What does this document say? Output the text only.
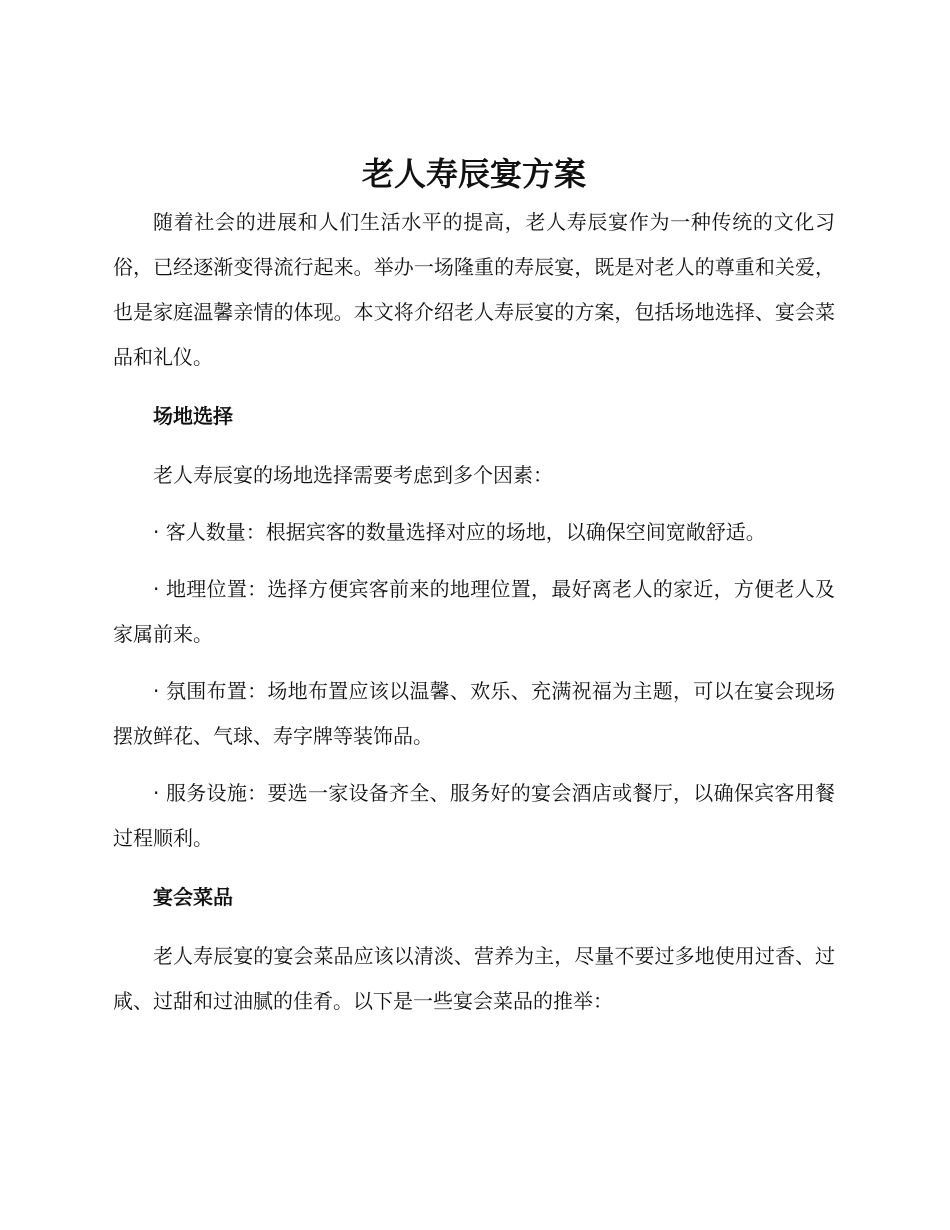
老人寿辰宴方案

随着社会的进展和人们生活水平的提高，老人寿辰宴作为一种传统的文化习俗，已经逐渐变得流行起来。举办一场隆重的寿辰宴，既是对老人的尊重和关爱，也是家庭温馨亲情的体现。本文将介绍老人寿辰宴的方案，包括场地选择、宴会菜品和礼仪。

场地选择

老人寿辰宴的场地选择需要考虑到多个因素：

· 客人数量：根据宾客的数量选择对应的场地，以确保空间宽敞舒适。

· 地理位置：选择方便宾客前来的地理位置，最好离老人的家近，方便老人及家属前来。

· 氛围布置：场地布置应该以温馨、欢乐、充满祝福为主题，可以在宴会现场摆放鲜花、气球、寿字牌等装饰品。

· 服务设施：要选一家设备齐全、服务好的宴会酒店或餐厅，以确保宾客用餐过程顺利。

宴会菜品

老人寿辰宴的宴会菜品应该以清淡、营养为主，尽量不要过多地使用过香、过咸、过甜和过油腻的佳肴。以下是一些宴会菜品的推举：
